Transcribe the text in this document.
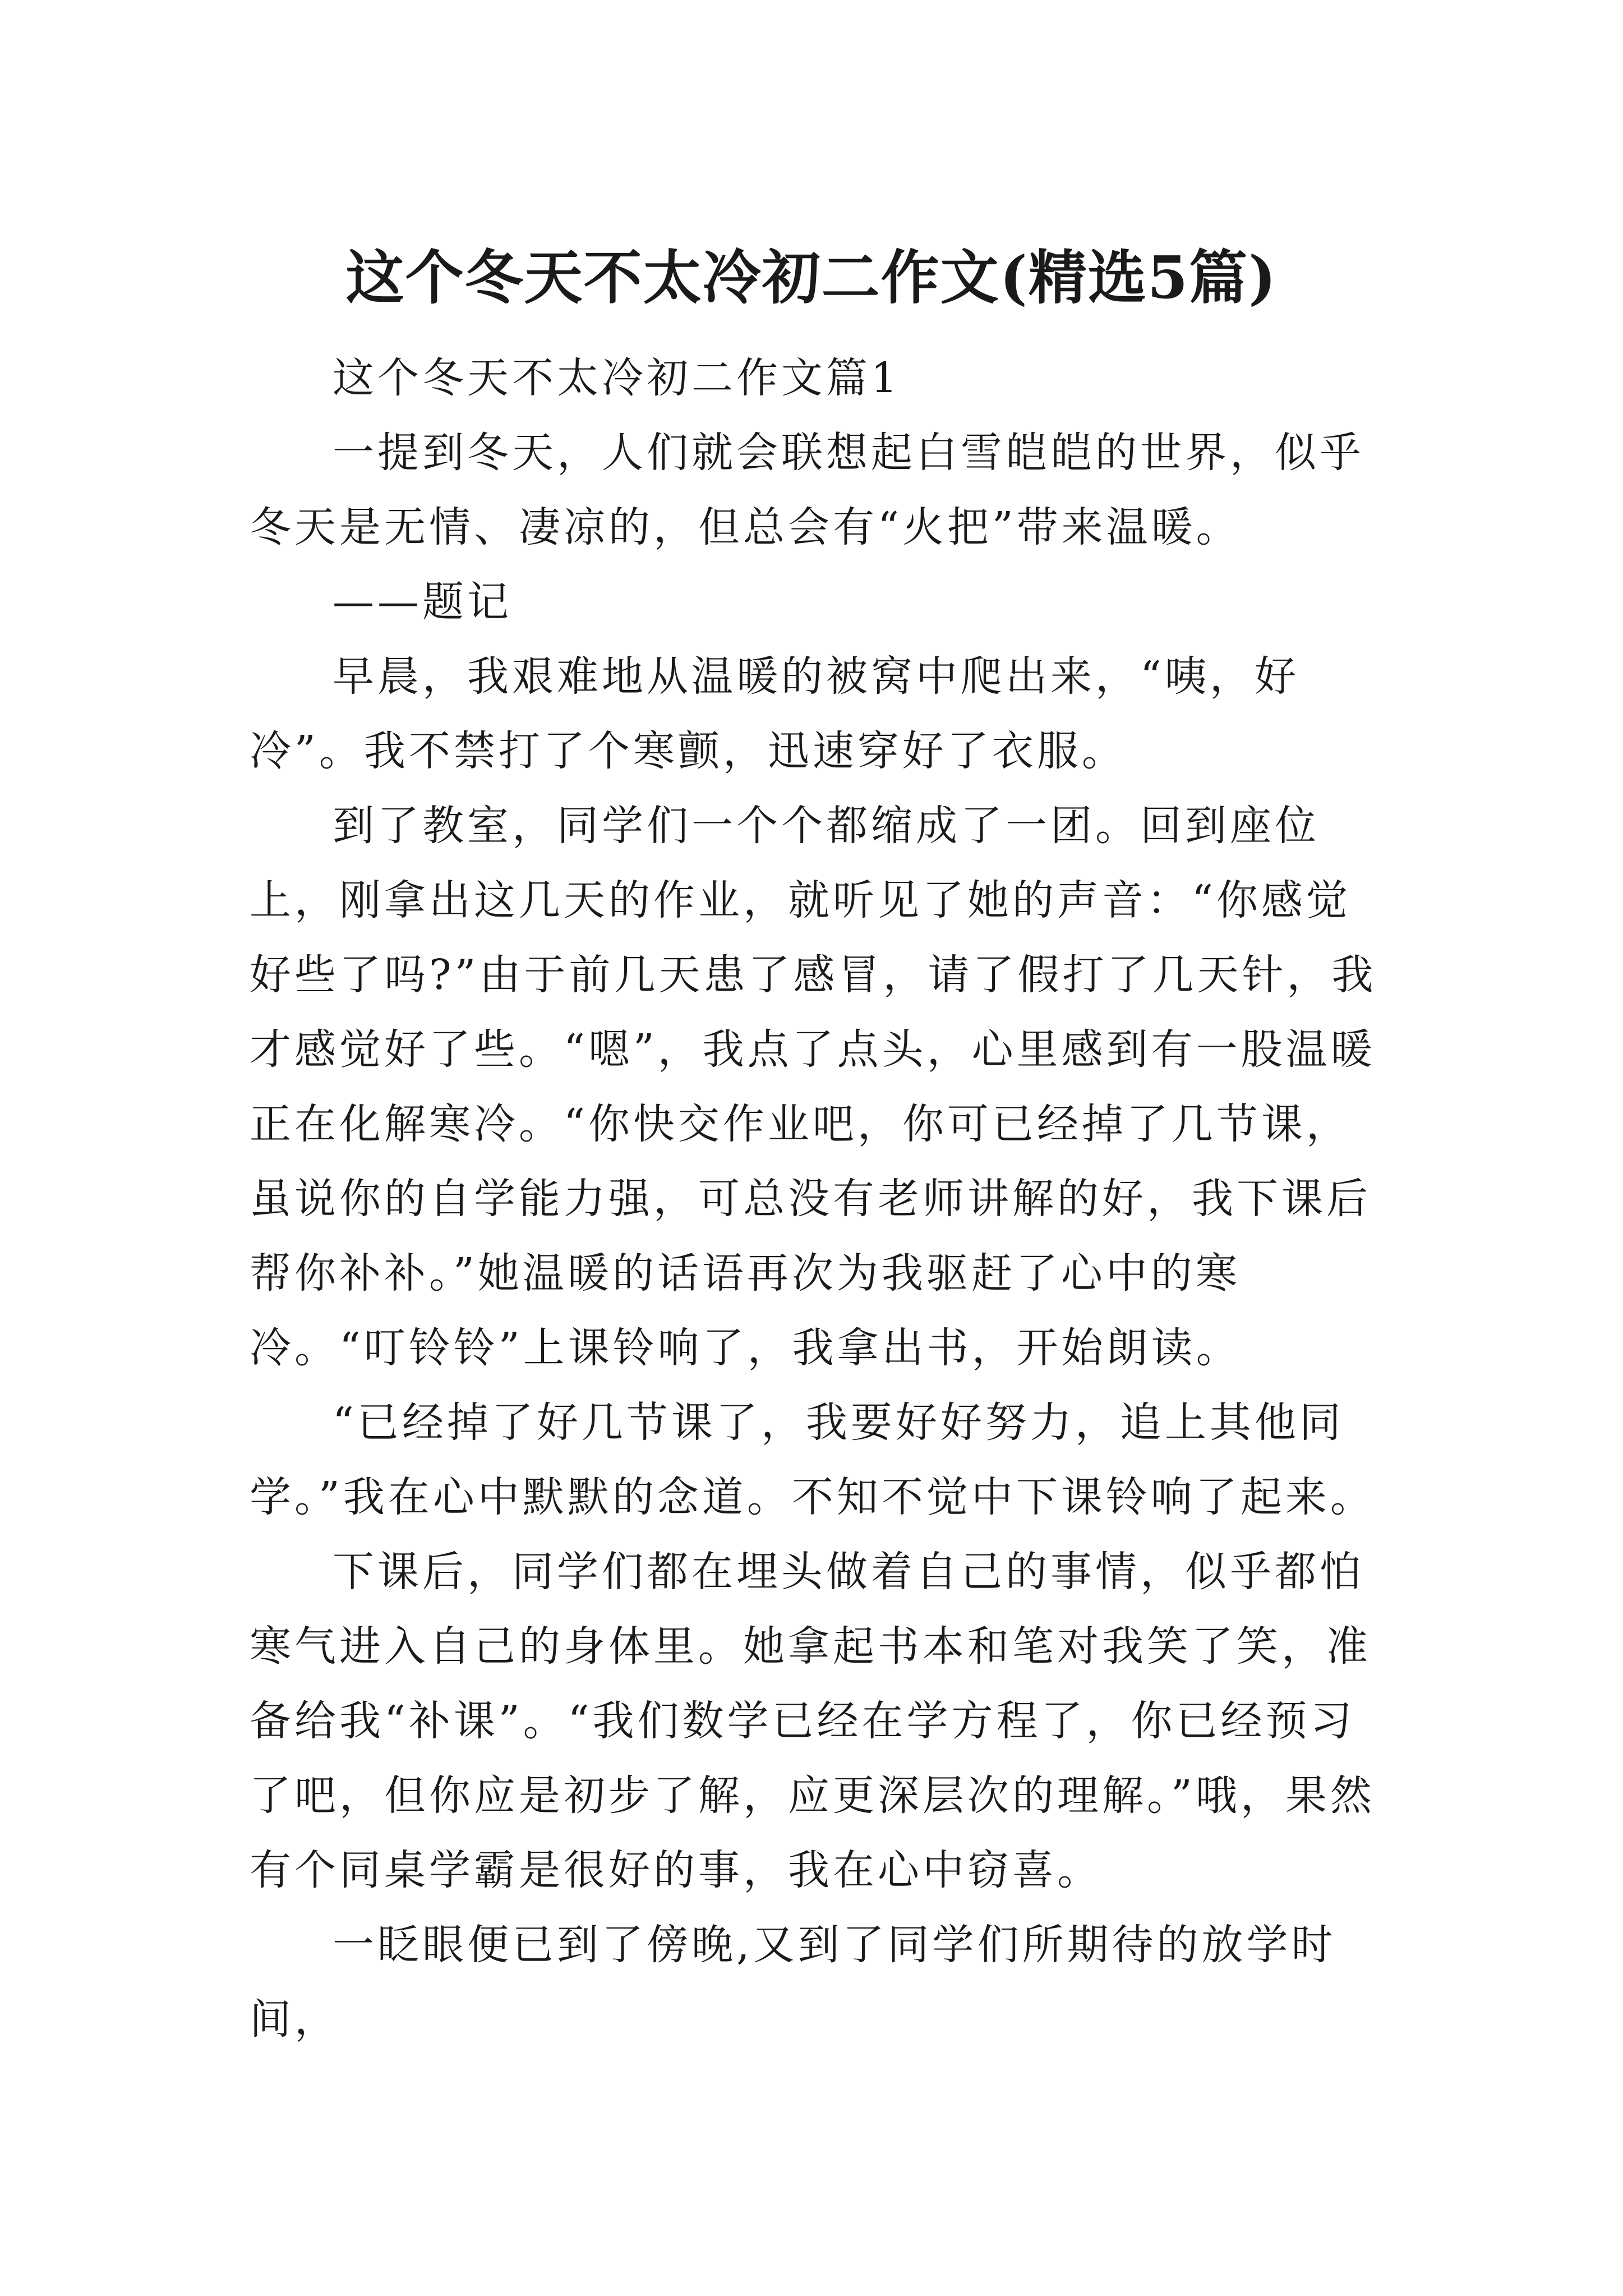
这个冬天不太冷初二作文(精选5篇)

这个冬天不太冷初二作文篇1

一提到冬天，人们就会联想起白雪皑皑的世界，似乎冬天是无情、凄凉的，但总会有“火把”带来温暖。

——题记

早晨，我艰难地从温暖的被窝中爬出来，“咦，好冷”。我不禁打了个寒颤，迅速穿好了衣服。

到了教室，同学们一个个都缩成了一团。回到座位上，刚拿出这几天的作业，就听见了她的声音：“你感觉好些了吗?”由于前几天患了感冒，请了假打了几天针，我才感觉好了些。“嗯”，我点了点头，心里感到有一股温暖正在化解寒冷。“你快交作业吧，你可已经掉了几节课，虽说你的自学能力强，可总没有老师讲解的好，我下课后帮你补补。”她温暖的话语再次为我驱赶了心中的寒冷。“叮铃铃”上课铃响了，我拿出书，开始朗读。

“已经掉了好几节课了，我要好好努力，追上其他同学。”我在心中默默的念道。不知不觉中下课铃响了起来。

下课后，同学们都在埋头做着自己的事情，似乎都怕寒气进入自己的身体里。她拿起书本和笔对我笑了笑，准备给我“补课”。“我们数学已经在学方程了，你已经预习了吧，但你应是初步了解，应更深层次的理解。”哦，果然有个同桌学霸是很好的事，我在心中窃喜。

一眨眼便已到了傍晚,又到了同学们所期待的放学时间，
